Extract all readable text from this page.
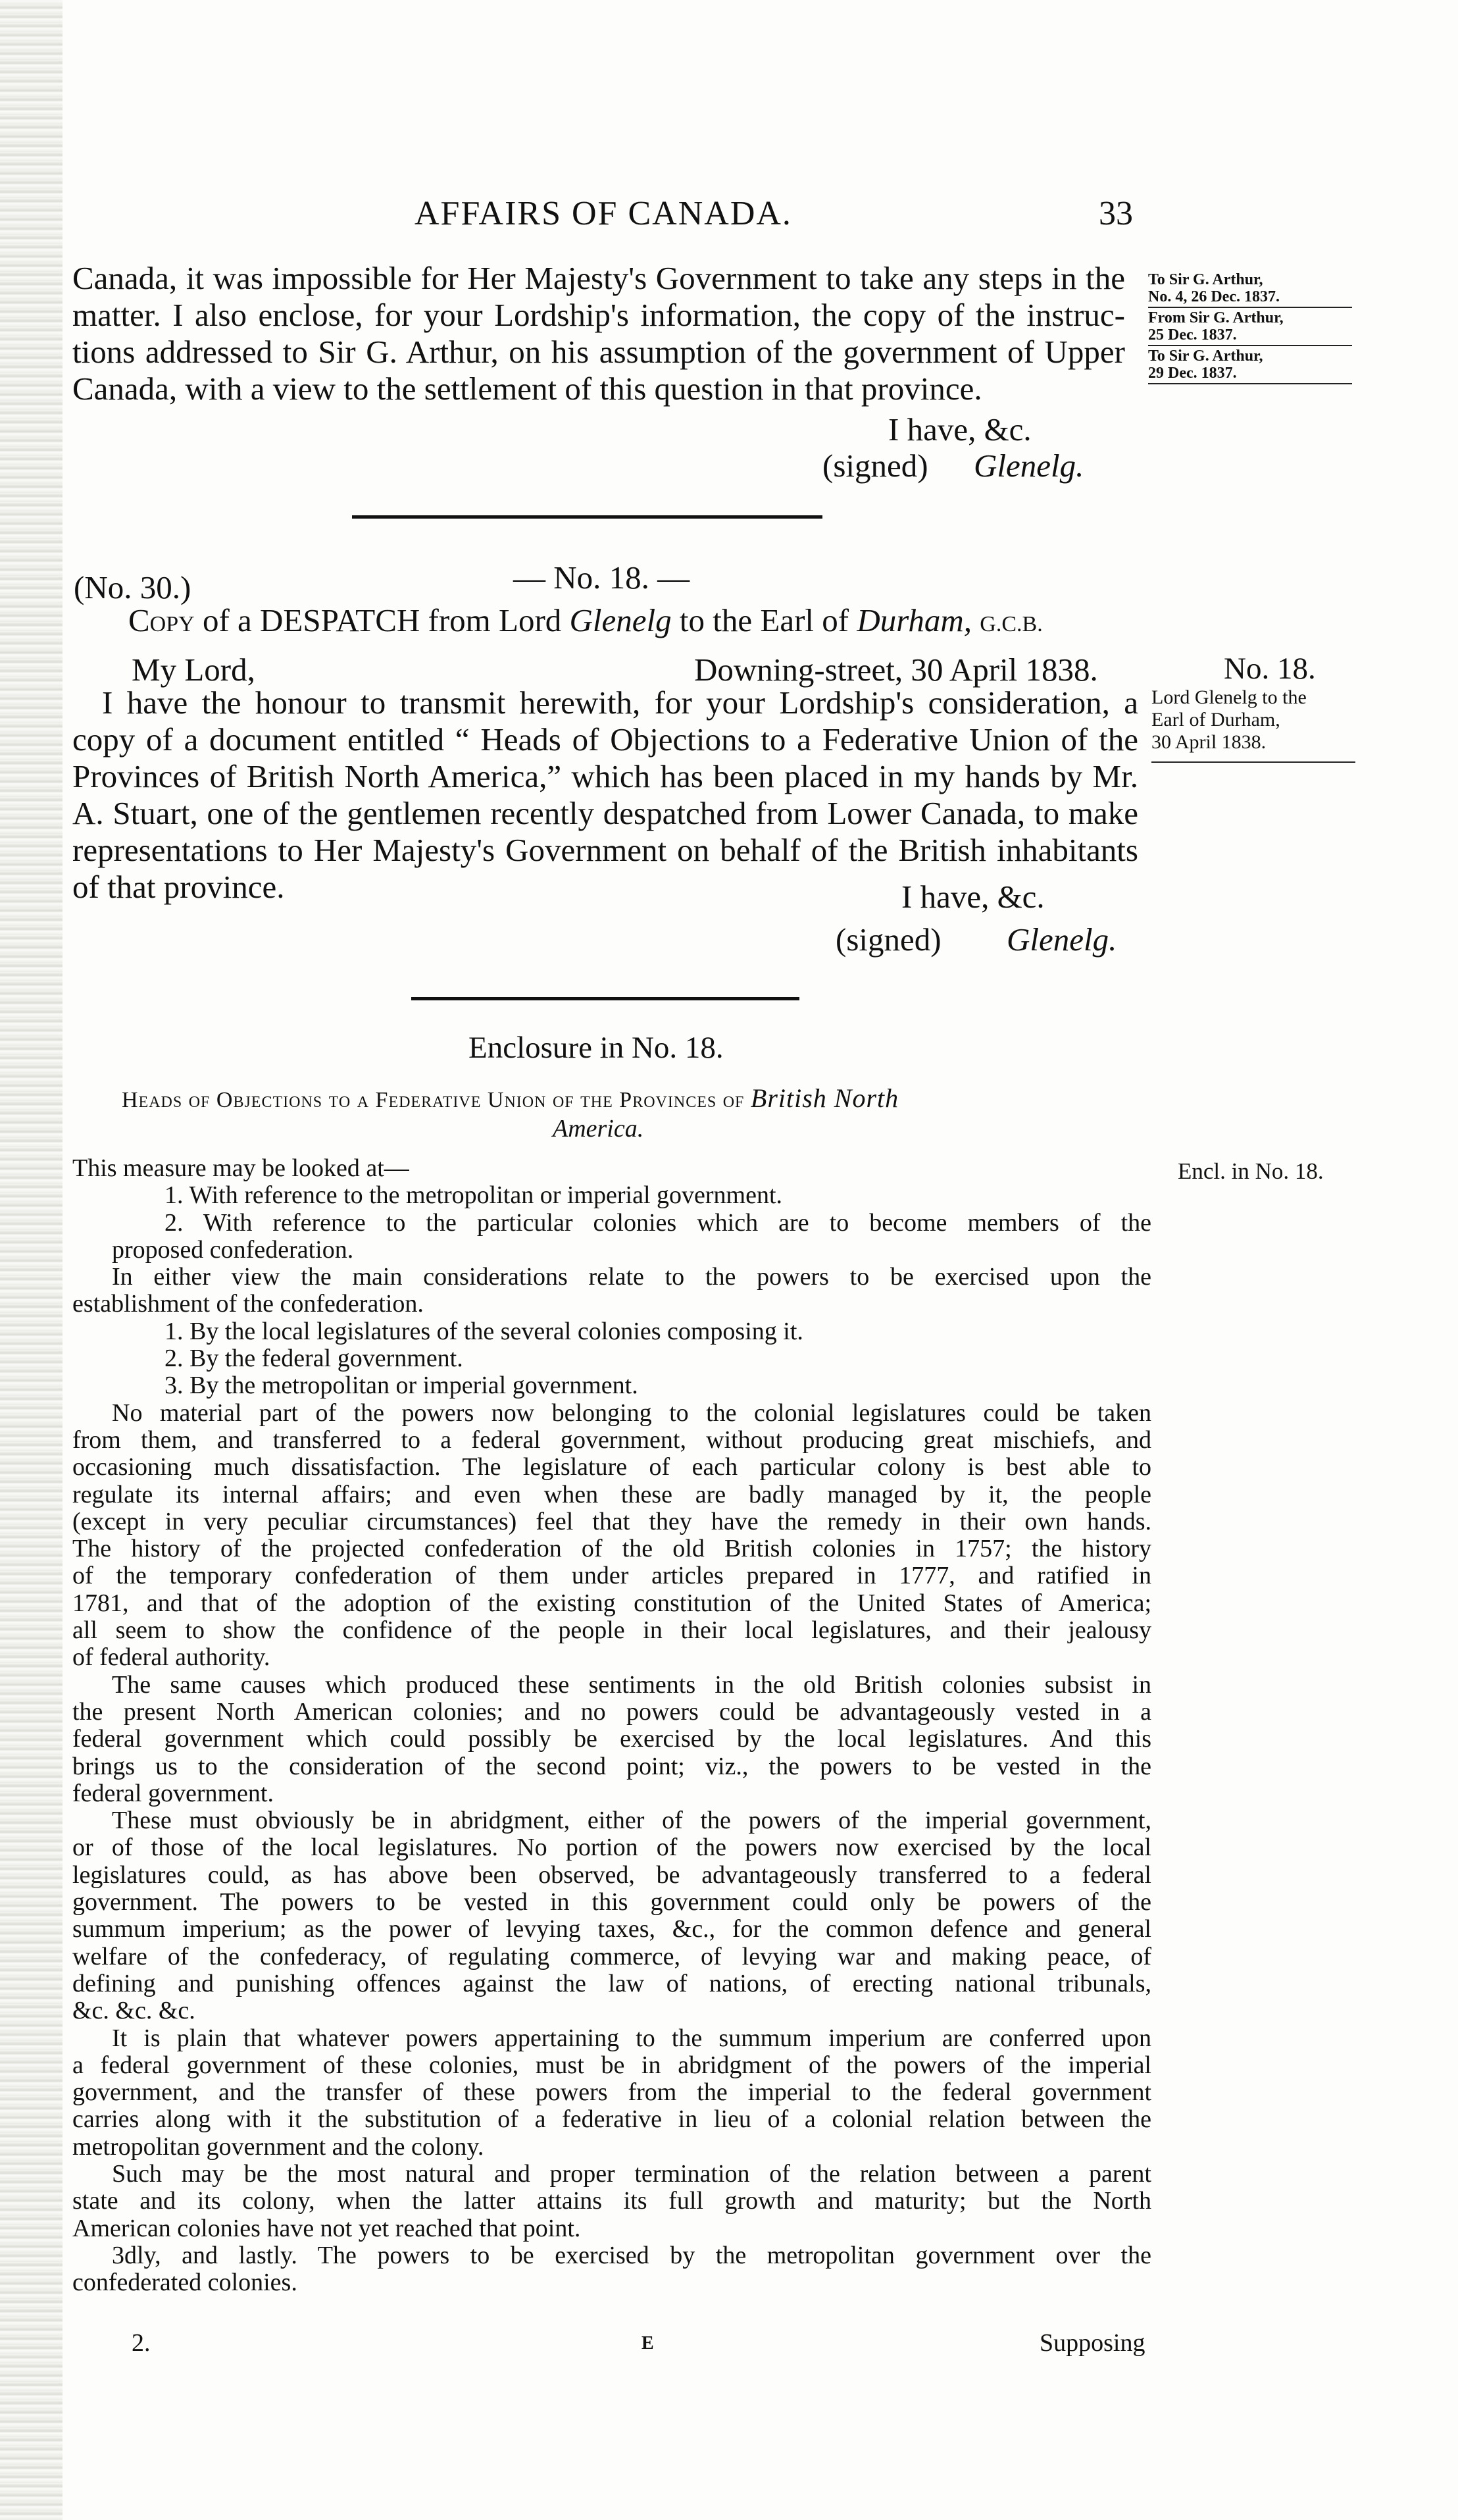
AFFAIRS OF CANADA.	33
Canada, it was impossible for Her Majesty's Government to take any steps in the
matter. I also enclose, for your Lordship's information, the copy of the instruc-
tions addressed to Sir G. Arthur, on his assumption of the government of Upper
Canada, with a view to the settlement of this question in that province.
I have, &c.
(signed) Glenelg.
To Sir G. Arthur,
No. 4, 26 Dec. 1837.
From Sir G. Arthur,
25 Dec. 1837.
To Sir G. Arthur,
29 Dec. 1837.
(No. 30.)	— No. 18. —
Copy of a DESPATCH from Lord Glenelg to the Earl of Durham, G.C.B.
My Lord,	Downing-street, 30 April 1838.
I have the honour to transmit herewith, for your Lordship's consideration, a
copy of a document entitled “ Heads of Objections to a Federative Union of the
Provinces of British North America,” which has been placed in my hands by Mr.
A. Stuart, one of the gentlemen recently despatched from Lower Canada, to make
representations to Her Majesty's Government on behalf of the British inhabitants
of that province.	I have, &c.
(signed) Glenelg.
No. 18.
Lord Glenelg to the
Earl of Durham,
30 April 1838.
Enclosure in No. 18.
Heads of Objections to a Federative Union of the Provinces of British North
America.
Encl. in No. 18.
This measure may be looked at—
1. With reference to the metropolitan or imperial government.
2. With reference to the particular colonies which are to become members of the
proposed confederation.
In either view the main considerations relate to the powers to be exercised upon the
establishment of the confederation.
1. By the local legislatures of the several colonies composing it.
2. By the federal government.
3. By the metropolitan or imperial government.
No material part of the powers now belonging to the colonial legislatures could be taken
from them, and transferred to a federal government, without producing great mischiefs, and
occasioning much dissatisfaction. The legislature of each particular colony is best able to
regulate its internal affairs; and even when these are badly managed by it, the people
(except in very peculiar circumstances) feel that they have the remedy in their own hands.
The history of the projected confederation of the old British colonies in 1757; the history
of the temporary confederation of them under articles prepared in 1777, and ratified in
1781, and that of the adoption of the existing constitution of the United States of America;
all seem to show the confidence of the people in their local legislatures, and their jealousy
of federal authority.
The same causes which produced these sentiments in the old British colonies subsist in
the present North American colonies; and no powers could be advantageously vested in a
federal government which could possibly be exercised by the local legislatures. And this
brings us to the consideration of the second point; viz., the powers to be vested in the
federal government.
These must obviously be in abridgment, either of the powers of the imperial government,
or of those of the local legislatures. No portion of the powers now exercised by the local
legislatures could, as has above been observed, be advantageously transferred to a federal
government. The powers to be vested in this government could only be powers of the
summum imperium; as the power of levying taxes, &c., for the common defence and general
welfare of the confederacy, of regulating commerce, of levying war and making peace, of
defining and punishing offences against the law of nations, of erecting national tribunals,
&c. &c. &c.
It is plain that whatever powers appertaining to the summum imperium are conferred upon
a federal government of these colonies, must be in abridgment of the powers of the imperial
government, and the transfer of these powers from the imperial to the federal government
carries along with it the substitution of a federative in lieu of a colonial relation between the
metropolitan government and the colony.
Such may be the most natural and proper termination of the relation between a parent
state and its colony, when the latter attains its full growth and maturity; but the North
American colonies have not yet reached that point.
3dly, and lastly. The powers to be exercised by the metropolitan government over the
confederated colonies.
2.	E	Supposing
